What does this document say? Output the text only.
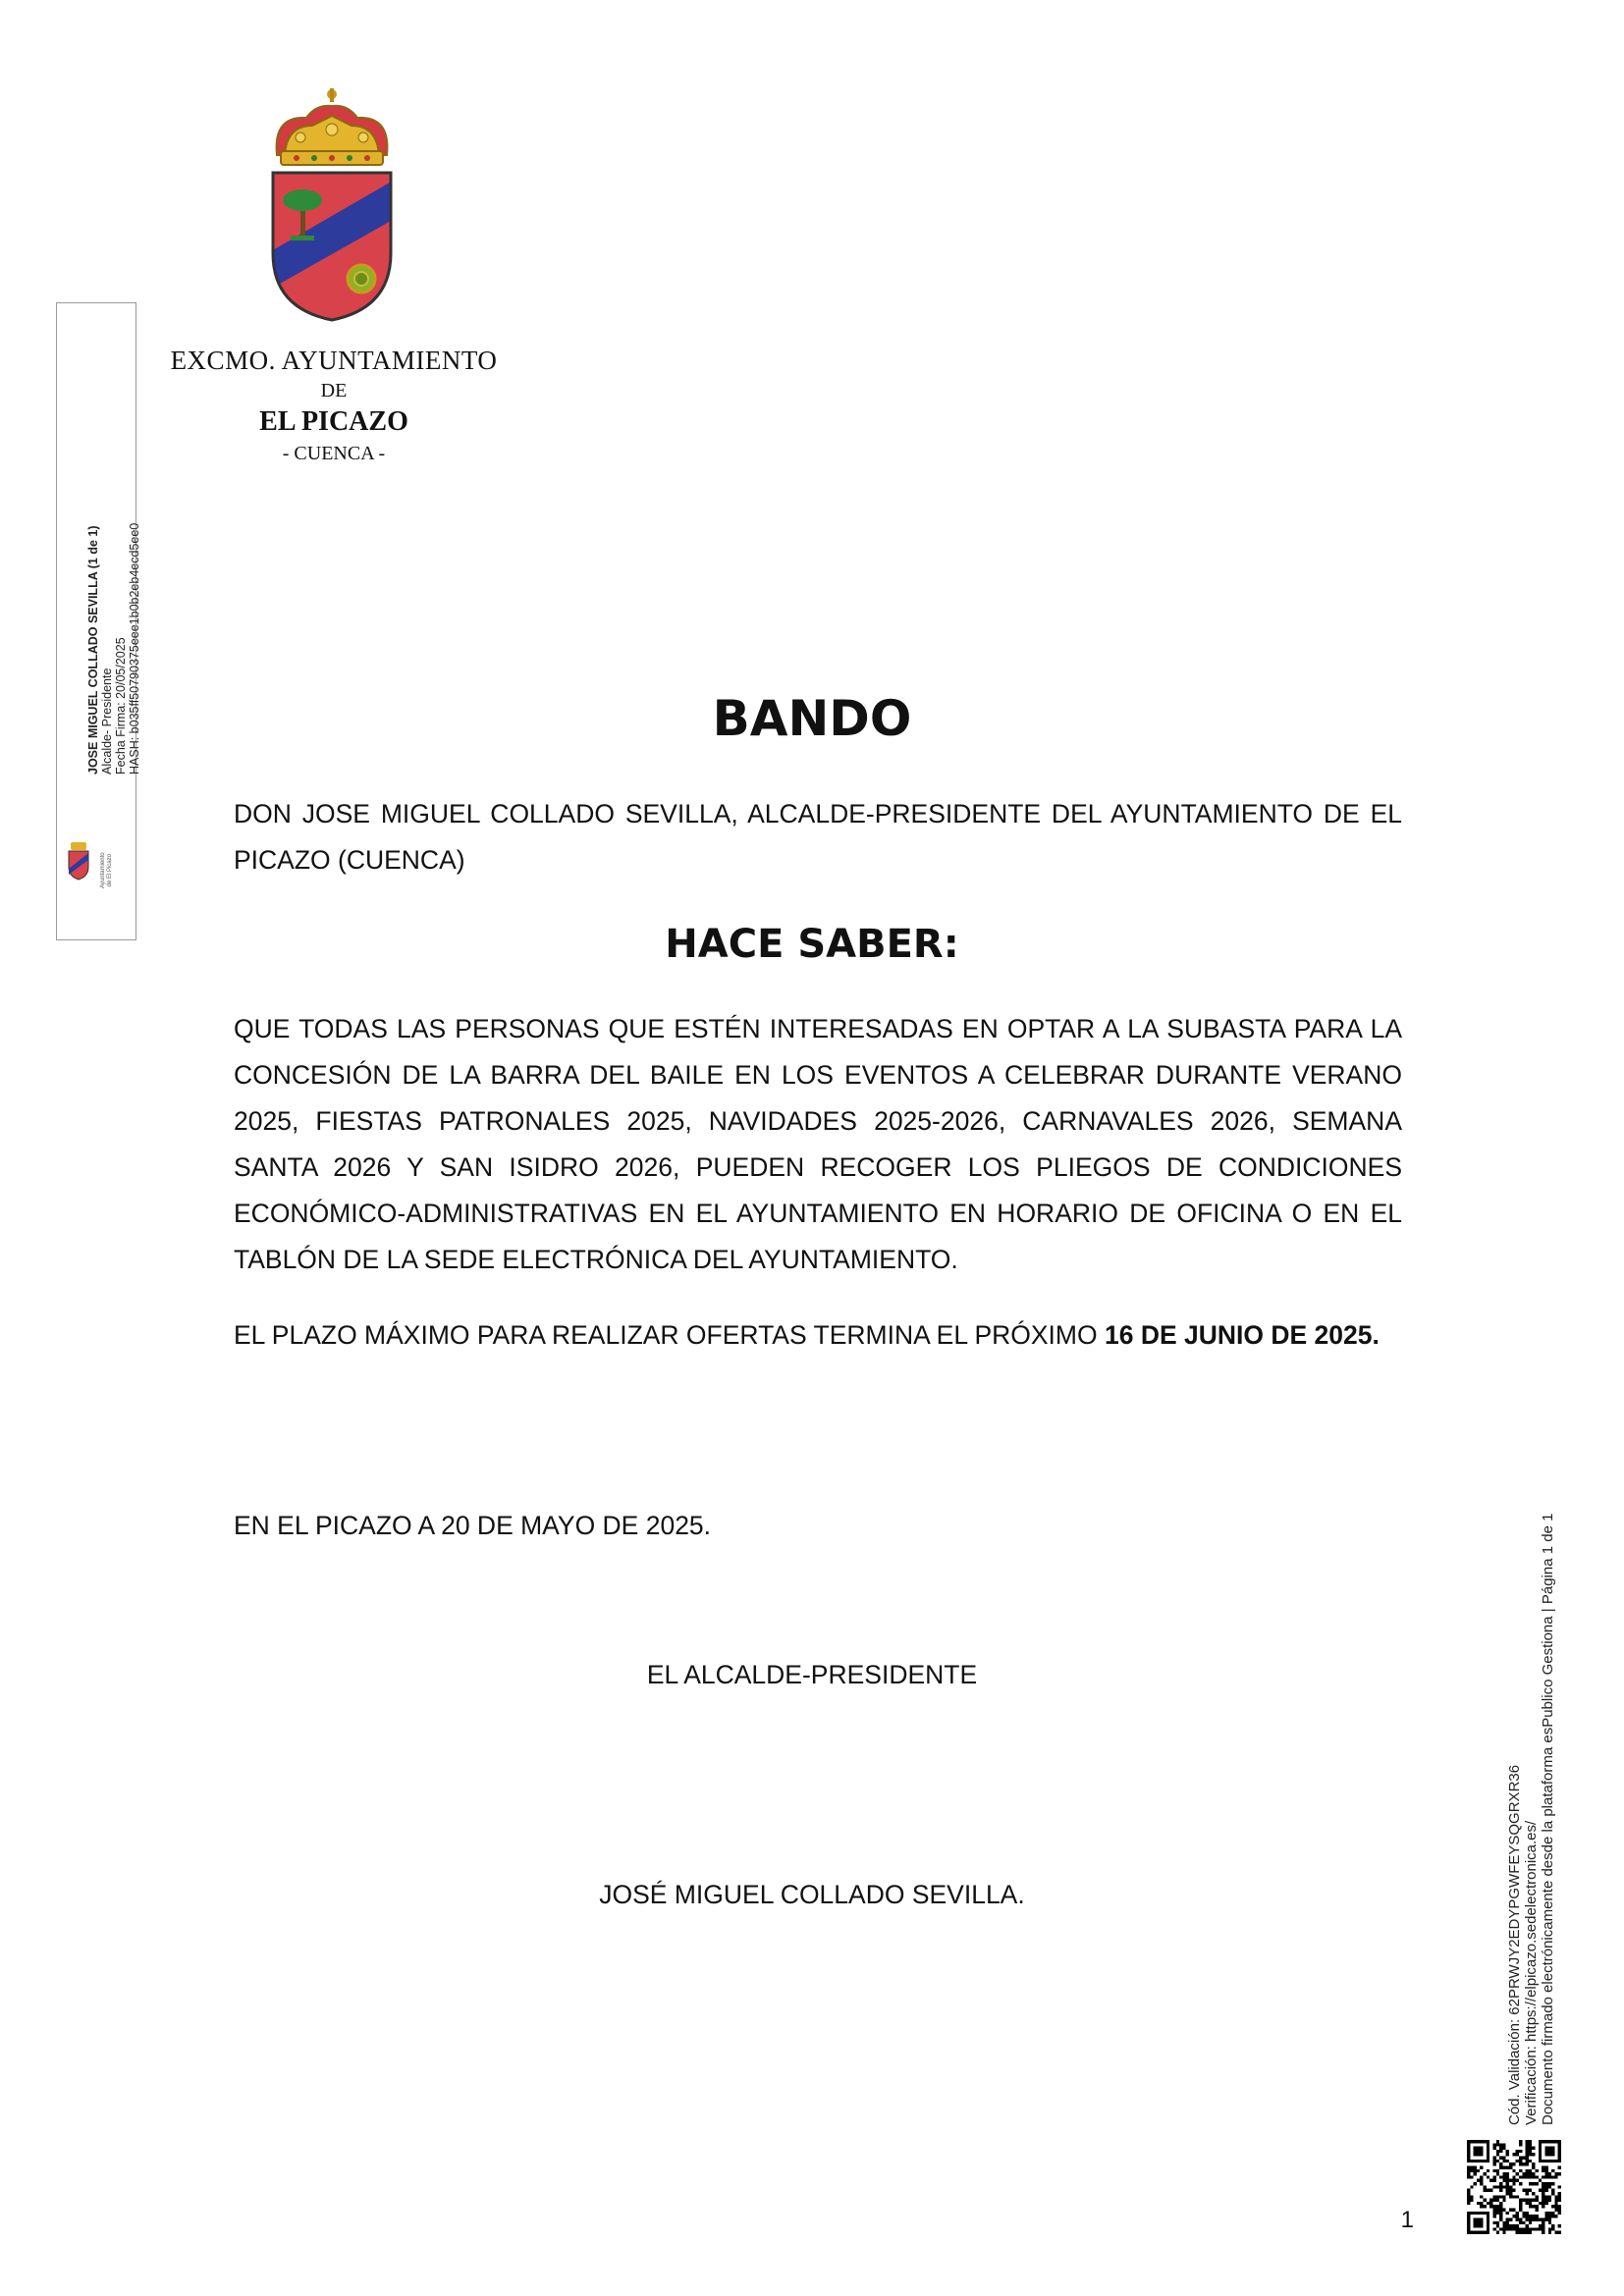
EXCMO. AYUNTAMIENTO
DE
EL PICAZO
- CUENCA -
JOSE MIGUEL COLLADO SEVILLA (1 de 1) Alcalde- Presidente Fecha Firma: 20/05/2025 HASH: b035ff50790375eee1b0b2eb4ecd5ee0
Ayuntamiento de El Picazo
BANDO
DON JOSE MIGUEL COLLADO SEVILLA, ALCALDE-PRESIDENTE DEL AYUNTAMIENTO DE EL PICAZO (CUENCA)
HACE SABER:
QUE TODAS LAS PERSONAS QUE ESTÉN INTERESADAS EN OPTAR A LA SUBASTA PARA LA CONCESIÓN DE LA BARRA DEL BAILE EN LOS EVENTOS A CELEBRAR DURANTE VERANO 2025, FIESTAS PATRONALES 2025, NAVIDADES 2025-2026, CARNAVALES 2026, SEMANA SANTA 2026 Y SAN ISIDRO 2026, PUEDEN RECOGER LOS PLIEGOS DE CONDICIONES ECONÓMICO-ADMINISTRATIVAS EN EL AYUNTAMIENTO EN HORARIO DE OFICINA O EN EL TABLÓN DE LA SEDE ELECTRÓNICA DEL AYUNTAMIENTO.
EL PLAZO MÁXIMO PARA REALIZAR OFERTAS TERMINA EL PRÓXIMO 16 DE JUNIO DE 2025.
EN EL PICAZO A 20 DE MAYO DE 2025.
EL ALCALDE-PRESIDENTE
JOSÉ MIGUEL COLLADO SEVILLA.
1
Cód. Validación: 62PRWJY2EDYPGWFEYSQGRXR36 Verificación: https://elpicazo.sedelectronica.es/ Documento firmado electrónicamente desde la plataforma esPublico Gestiona | Página 1 de 1
